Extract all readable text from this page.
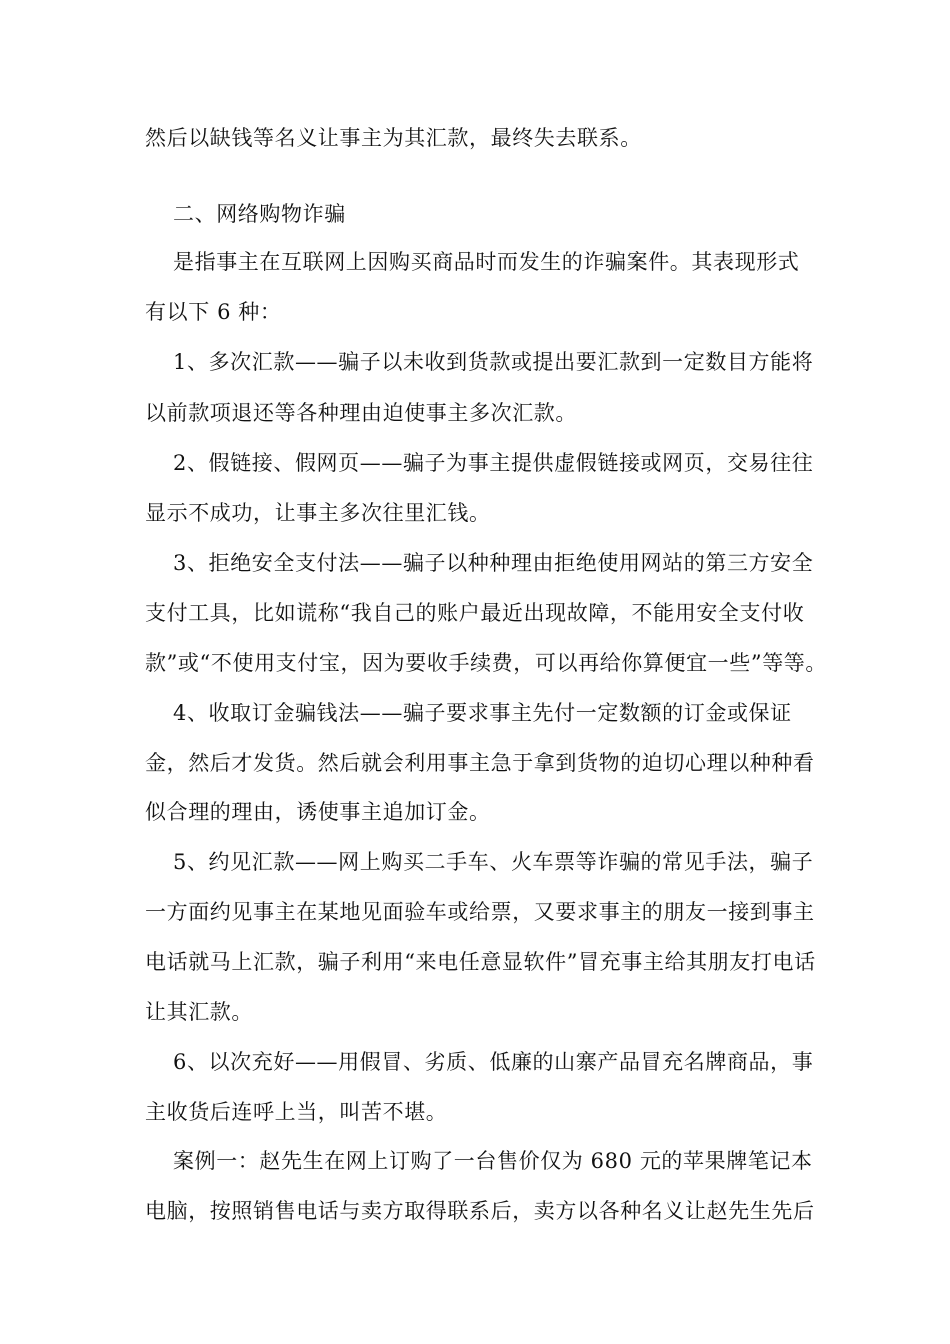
然后以缺钱等名义让事主为其汇款，最终失去联系。
二、网络购物诈骗
是指事主在互联网上因购买商品时而发生的诈骗案件。其表现形式
有以下 6 种：
1、多次汇款——骗子以未收到货款或提出要汇款到一定数目方能将
以前款项退还等各种理由迫使事主多次汇款。
2、假链接、假网页——骗子为事主提供虚假链接或网页，交易往往
显示不成功，让事主多次往里汇钱。
3、拒绝安全支付法——骗子以种种理由拒绝使用网站的第三方安全
支付工具，比如谎称“我自己的账户最近出现故障，不能用安全支付收
款”或“不使用支付宝，因为要收手续费，可以再给你算便宜一些”等等。
4、收取订金骗钱法——骗子要求事主先付一定数额的订金或保证
金，然后才发货。然后就会利用事主急于拿到货物的迫切心理以种种看
似合理的理由，诱使事主追加订金。
5、约见汇款——网上购买二手车、火车票等诈骗的常见手法，骗子
一方面约见事主在某地见面验车或给票，又要求事主的朋友一接到事主
电话就马上汇款，骗子利用“来电任意显软件”冒充事主给其朋友打电话
让其汇款。
6、以次充好——用假冒、劣质、低廉的山寨产品冒充名牌商品，事
主收货后连呼上当，叫苦不堪。
案例一：赵先生在网上订购了一台售价仅为 680 元的苹果牌笔记本
电脑，按照销售电话与卖方取得联系后，卖方以各种名义让赵先生先后
